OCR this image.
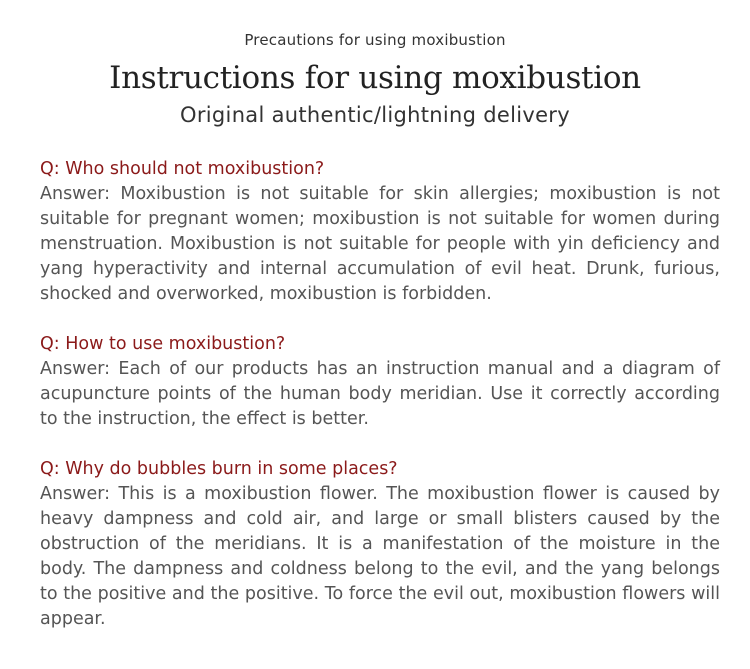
Precautions for using moxibustion
Instructions for using moxibustion
Original authentic/lightning delivery
Q: Who should not moxibustion?
Answer: Moxibustion is not suitable for skin allergies; moxibustion is not suitable for pregnant women; moxibustion is not suitable for women during menstruation. Moxibustion is not suitable for people with yin deficiency and yang hyperactivity and internal accumulation of evil heat. Drunk, furious, shocked and overworked, moxibustion is forbidden.
Q: How to use moxibustion?
Answer: Each of our products has an instruction manual and a diagram of acupuncture points of the human body meridian. Use it correctly according to the instruction, the effect is better.
Q: Why do bubbles burn in some places?
Answer: This is a moxibustion flower. The moxibustion flower is caused by heavy dampness and cold air, and large or small blisters caused by the obstruction of the meridians. It is a manifestation of the moisture in the body. The dampness and coldness belong to the evil, and the yang belongs to the positive and the positive. To force the evil out, moxibustion flowers will appear.
